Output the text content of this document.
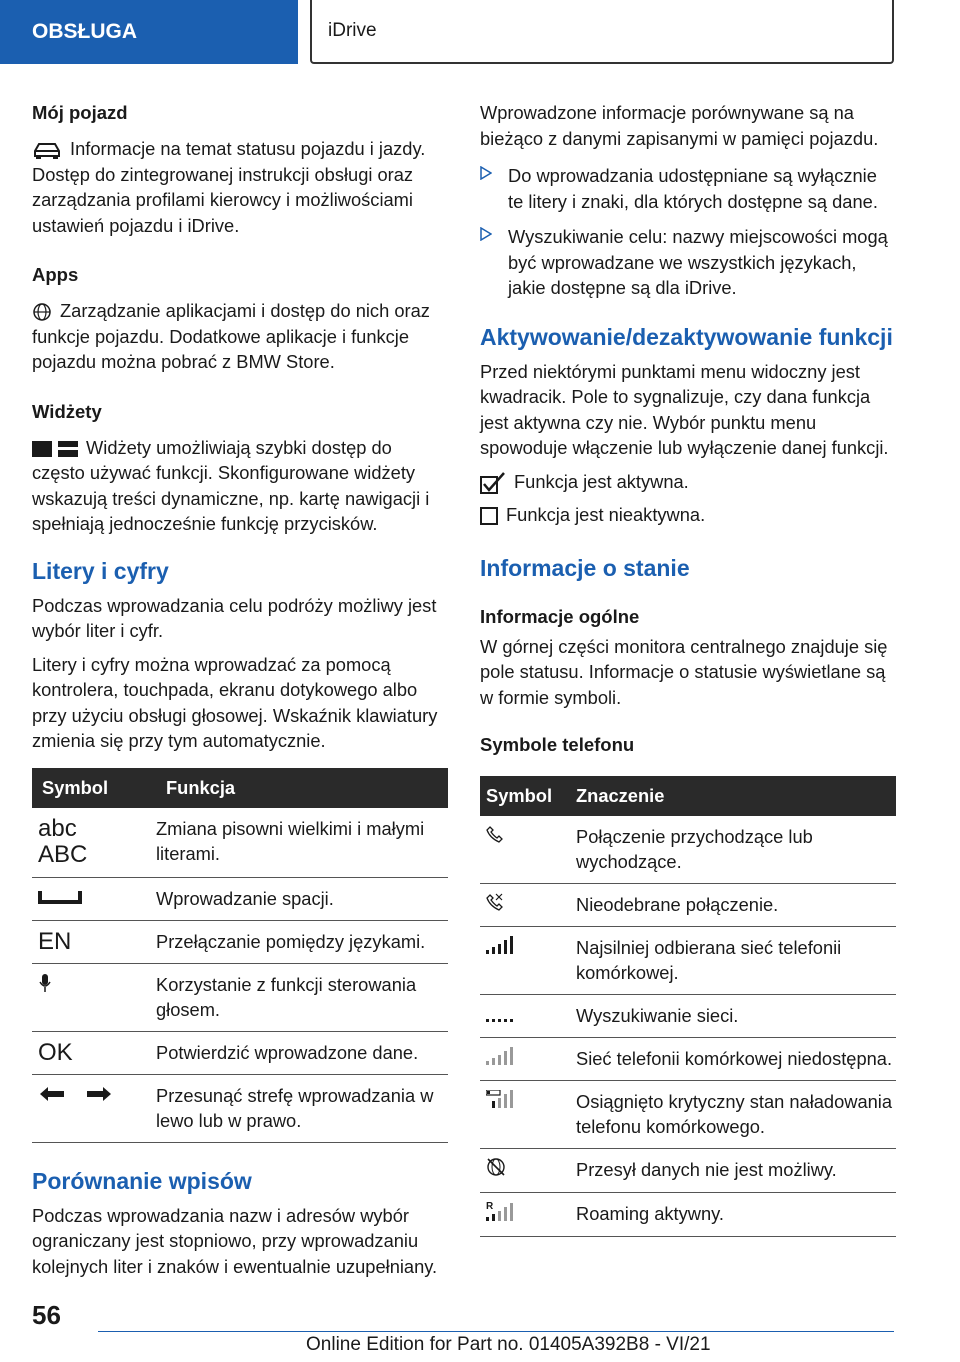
OBSŁUGA	iDrive
Mój pojazd

Informacje na temat statusu pojazdu i jazdy. Dostęp do zintegrowanej instrukcji obsługi oraz zarządzania profilami kierowcy i możliwościami ustawień pojazdu i iDrive.

Apps

Zarządzanie aplikacjami i dostęp do nich oraz funkcje pojazdu. Dodatkowe aplikacje i funkcje pojazdu można pobrać z BMW Store.

Widżety

Widżety umożliwiają szybki dostęp do często używać funkcji. Skonfigurowane widżety wskazują treści dynamiczne, np. kartę nawigacji i spełniają jednocześnie funkcję przycisków.

Litery i cyfry

Podczas wprowadzania celu podróży możliwy jest wybór liter i cyfr.

Litery i cyfry można wprowadzać za pomocą kontrolera, touchpada, ekranu dotykowego albo przy użyciu obsługi głosowej. Wskaźnik klawiatury zmienia się przy tym automatycznie.

Symbol	Funkcja

abc
ABC	Zmiana pisowni wielkimi i małymi literami.
	Wprowadzanie spacji.
EN	Przełączanie pomiędzy językami.
	Korzystanie z funkcji sterowania głosem.
OK	Potwierdzić wprowadzone dane.
	Przesunąć strefę wprowadzania w lewo lub w prawo.
Porównanie wpisów

Podczas wprowadzania nazw i adresów wybór ograniczany jest stopniowo, przy wprowadzaniu kolejnych liter i znaków i ewentualnie uzupełniany.

Wprowadzone informacje porównywane są na bieżąco z danymi zapisanymi w pamięci pojazdu.

Do wprowadzania udostępniane są wyłącznie te litery i znaki, dla których dostępne są dane.
Wyszukiwanie celu: nazwy miejscowości mogą być wprowadzane we wszystkich językach, jakie dostępne są dla iDrive.
Aktywowanie/dezaktywowanie funkcji

Przed niektórymi punktami menu widoczny jest kwadracik. Pole to sygnalizuje, czy dana funkcja jest aktywna czy nie. Wybór punktu menu spowoduje włączenie lub wyłączenie danej funkcji.

Funkcja jest aktywna.

Funkcja jest nieaktywna.

Informacje o stanie
Informacje ogólne

W górnej części monitora centralnego znajduje się pole statusu. Informacje o statusie wyświetlane są w formie symboli.

Symbole telefonu
Symbol	Znaczenie
	Połączenie przychodzące lub wychodzące.
	Nieodebrane połączenie.
	Najsilniej odbierana sieć telefonii komórkowej.
	Wyszukiwanie sieci.
	Sieć telefonii komórkowej niedostępna.
	Osiągnięto krytyczny stan naładowania telefonu komórkowego.
	Przesył danych nie jest możliwy.

R	Roaming aktywny.
56
Online Edition for Part no. 01405A392B8 - VI/21
